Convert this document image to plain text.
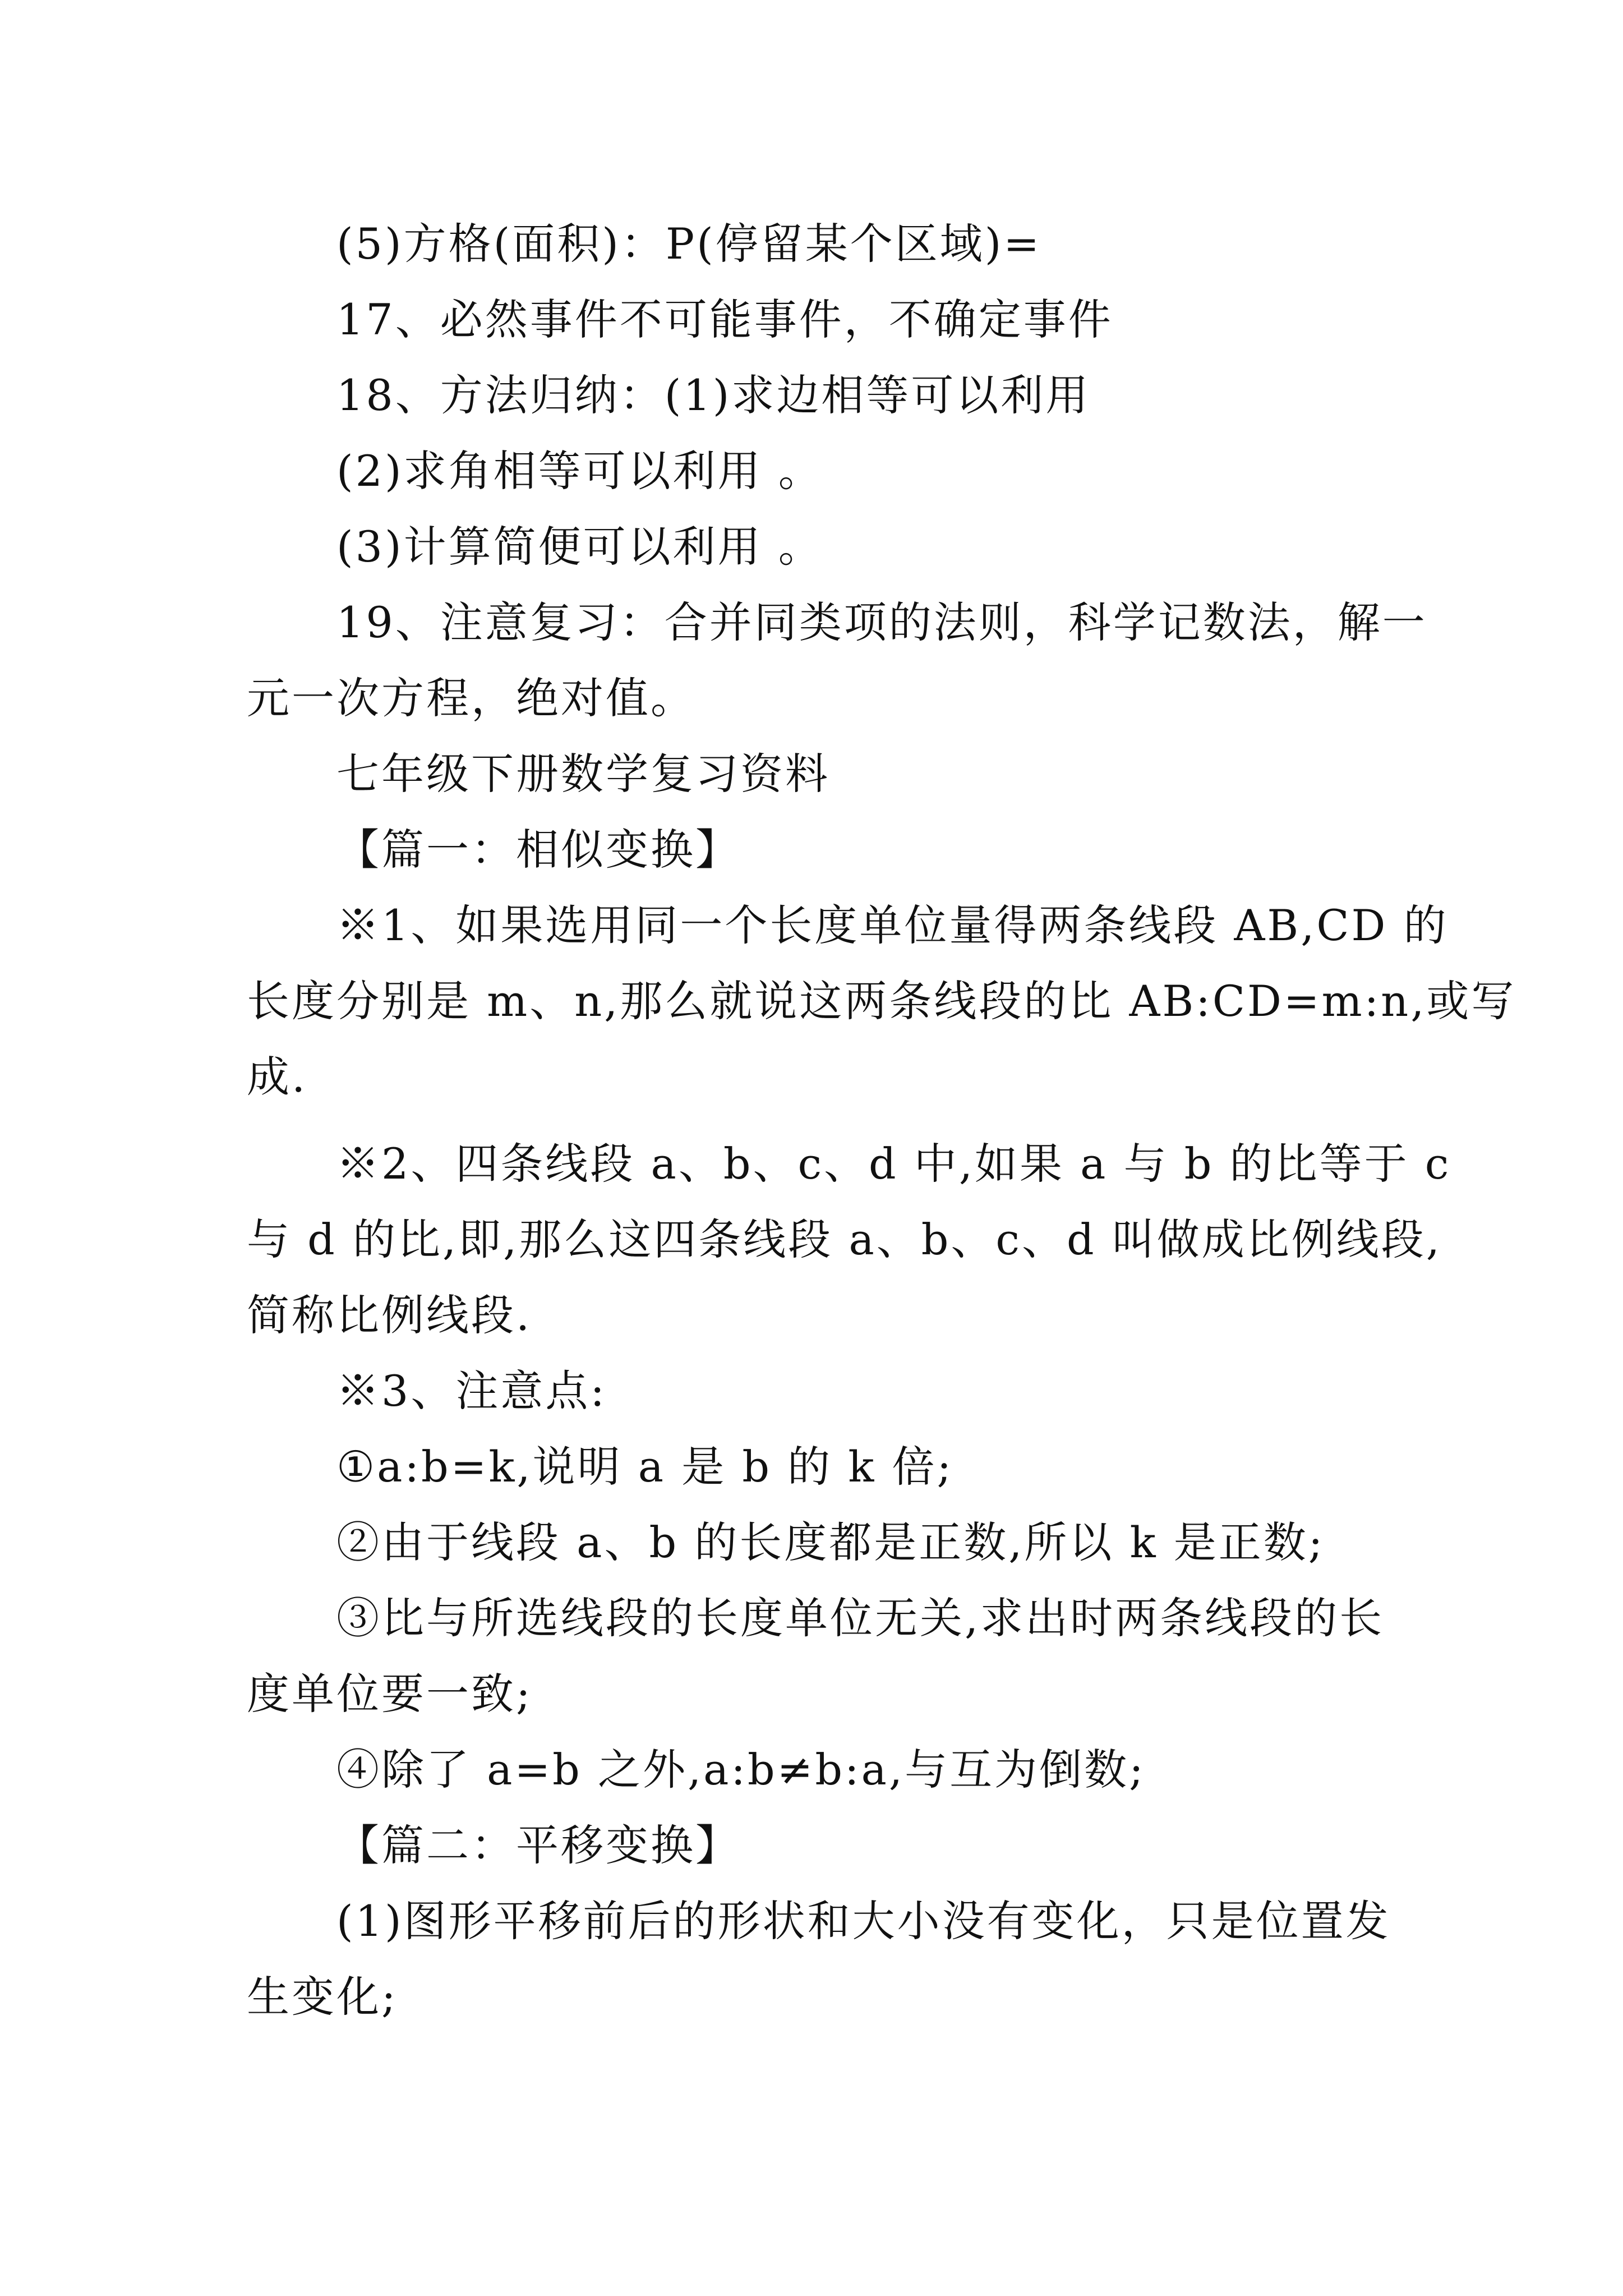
(5)方格(面积)：P(停留某个区域)=
17、必然事件不可能事件，不确定事件
18、方法归纳：(1)求边相等可以利用
(2)求角相等可以利用 。
(3)计算简便可以利用 。
19、注意复习：合并同类项的法则，科学记数法，解一
元一次方程，绝对值。
七年级下册数学复习资料
【篇一：相似变换】
※1、如果选用同一个长度单位量得两条线段 AB,CD 的
长度分别是 m、n,那么就说这两条线段的比 AB:CD=m:n,或写
成.
※2、四条线段 a、b、c、d 中,如果 a 与 b 的比等于 c
与 d 的比,即,那么这四条线段 a、b、c、d 叫做成比例线段,
简称比例线段.
※3、注意点:
①a:b=k,说明 a 是 b 的 k 倍;
②由于线段 a、b 的长度都是正数,所以 k 是正数;
③比与所选线段的长度单位无关,求出时两条线段的长
度单位要一致;
④除了 a=b 之外,a:b≠b:a,与互为倒数;
【篇二：平移变换】
(1)图形平移前后的形状和大小没有变化，只是位置发
生变化;
